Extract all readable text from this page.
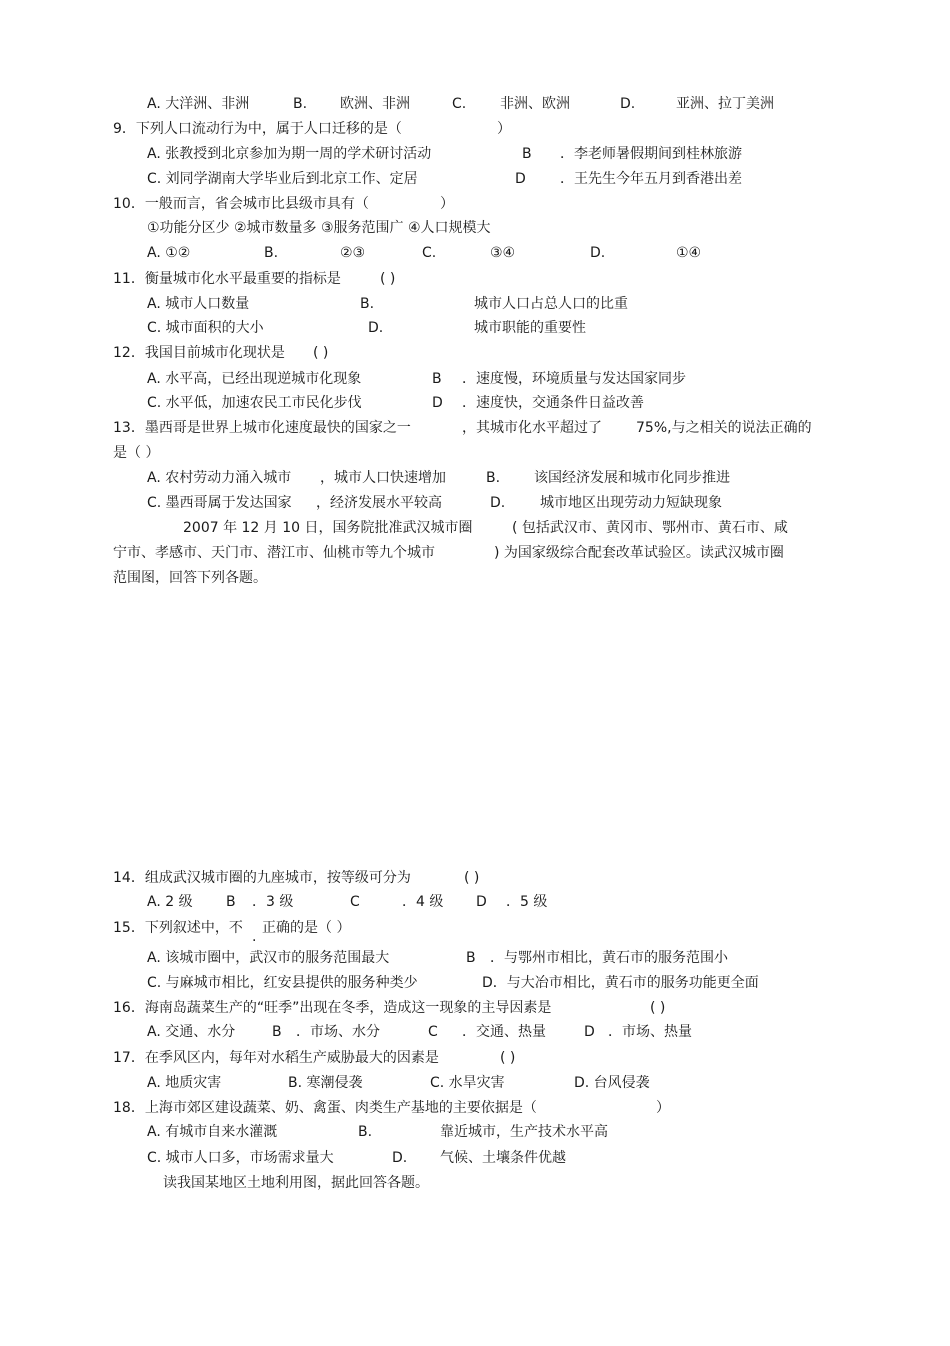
A. 大洋洲、非洲	B. 欧洲、非洲	C. 非洲、欧洲	D.	亚洲、拉丁美洲
9．下列人口流动行为中，属于人口迁移的是（	）
A. 张教授到北京参加为期一周的学术研讨活动	B ．李老师暑假期间到桂林旅游
C. 刘同学湖南大学毕业后到北京工作、定居	D ．王先生今年五月到香港出差
10．一般而言，省会城市比县级市具有（	）
①功能分区少 ②城市数量多 ③服务范围广 ④人口规模大
A. ①②	B.	②③	C.	③④	D.	①④
11．衡量城市化水平最重要的指标是	( )
A. 城市人口数量	B.	城市人口占总人口的比重
C. 城市面积的大小	D.	城市职能的重要性
12．我国目前城市化现状是 ( )
A. 水平高，已经出现逆城市化现象	B ．速度慢，环境质量与发达国家同步
C. 水平低，加速农民工市民化步伐	D ．速度快，交通条件日益改善
13．墨西哥是世界上城市化速度最快的国家之一	，其城市化水平超过了 75%,与之相关的说法正确的
是（ ）
A. 农村劳动力涌入城市 ，城市人口快速增加	B. 该国经济发展和城市化同步推进
C. 墨西哥属于发达国家 ，经济发展水平较高	D. 城市地区出现劳动力短缺现象
2007 年 12 月 10 日，国务院批准武汉城市圈	( 包括武汉市、黄冈市、鄂州市、黄石市、咸
宁市、孝感市、天门市、潜江市、仙桃市等九个城市	) 为国家级综合配套改革试验区。读武汉城市圈
范围图，回答下列各题。
14．组成武汉城市圈的九座城市，按等级可分为	( )
A. 2 级 B ．3 级	C	．4 级 D ．5 级
15．下列叙述中，不 正确的是（ ）
.
A. 该城市圈中，武汉市的服务范围最大	B ．与鄂州市相比，黄石市的服务范围小
C. 与麻城市相比，红安县提供的服务种类少	D．与大冶市相比，黄石市的服务功能更全面
16．海南岛蔬菜生产的“旺季”出现在冬季，造成这一现象的主导因素是	( )
A. 交通、水分	B ．市场、水分	C ．交通、热量	D ．市场、热量
17．在季风区内，每年对水稻生产威胁最大的因素是	( )
A. 地质灾害	B. 寒潮侵袭	C. 水旱灾害	D. 台风侵袭
18．上海市郊区建设蔬菜、奶、禽蛋、肉类生产基地的主要依据是（	）
A. 有城市自来水灌溉	B.	靠近城市，生产技术水平高
C. 城市人口多，市场需求量大	D. 气候、土壤条件优越
读我国某地区土地利用图，据此回答各题。
